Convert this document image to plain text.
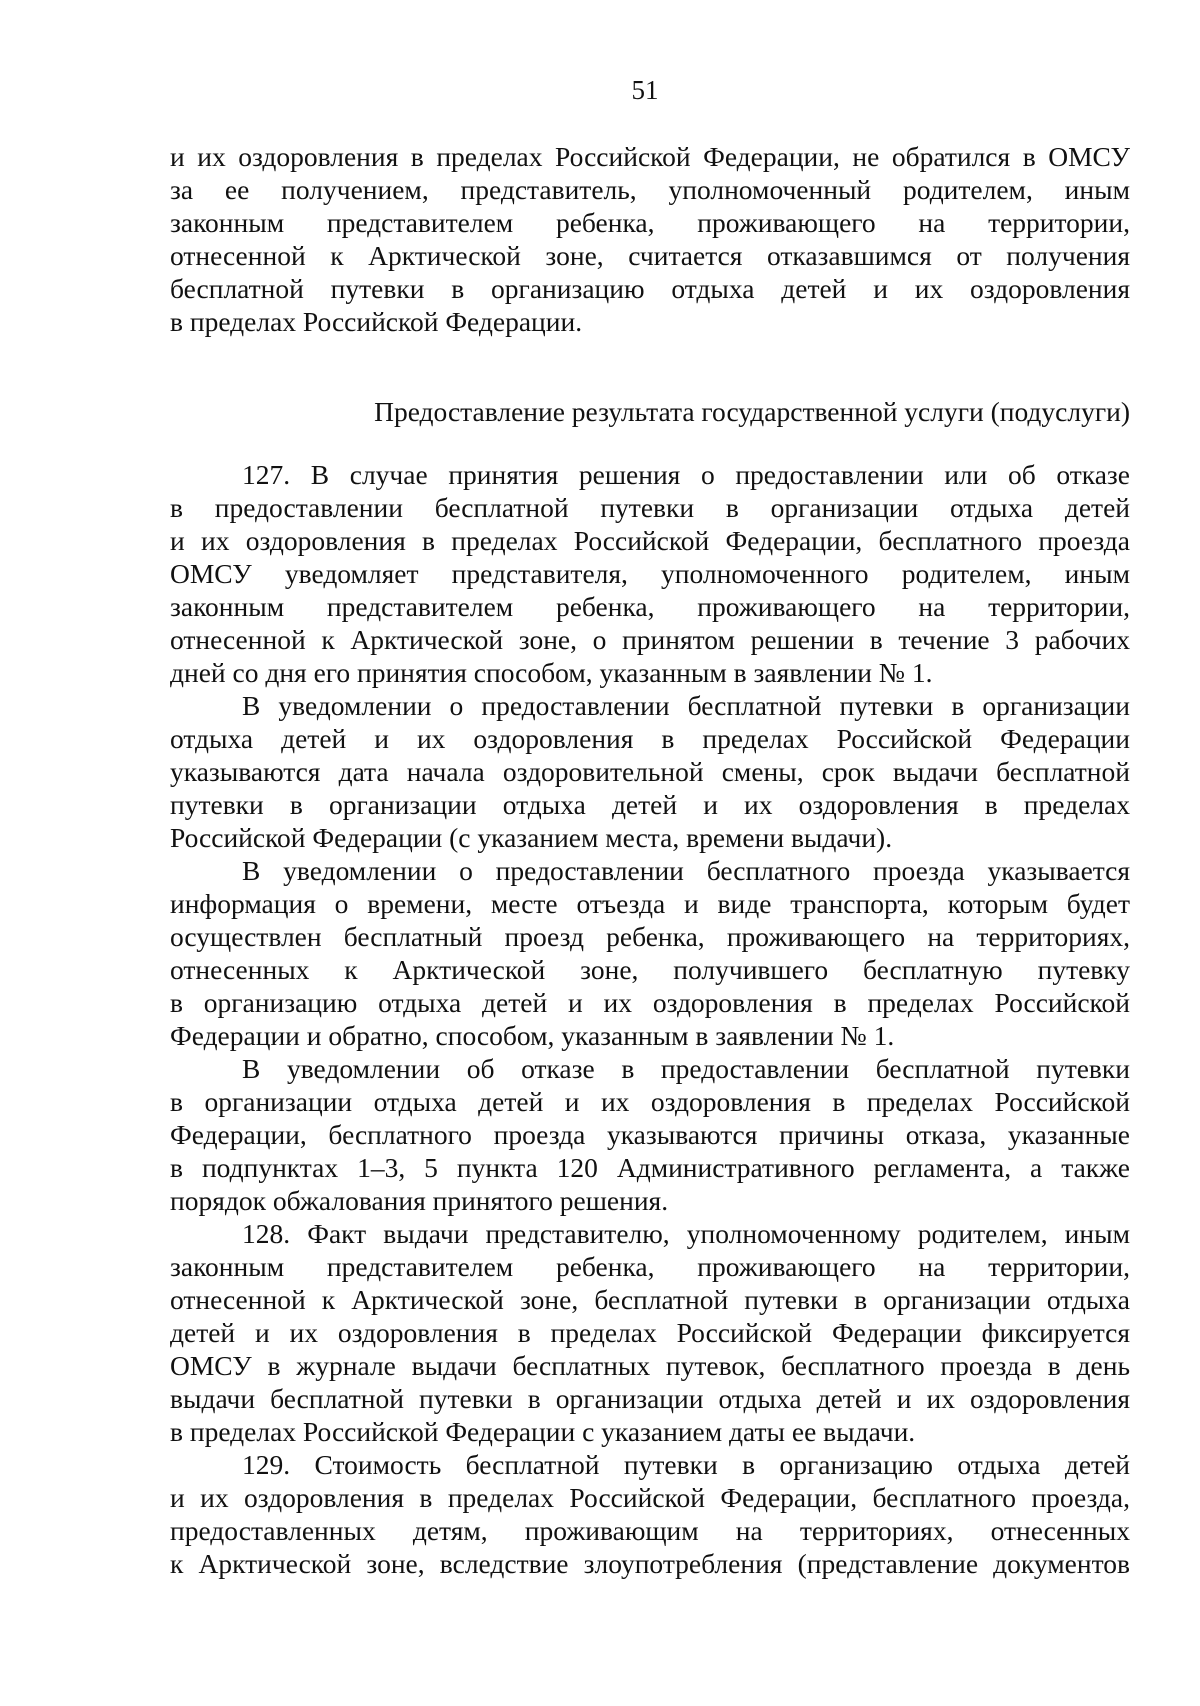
51
и их оздоровления в пределах Российской Федерации, не обратился в ОМСУ
за ее получением, представитель, уполномоченный родителем, иным
законным представителем ребенка, проживающего на территории,
отнесенной к Арктической зоне, считается отказавшимся от получения
бесплатной путевки в организацию отдыха детей и их оздоровления
в пределах Российской Федерации.
Предоставление результата государственной услуги (подуслуги)
127. В случае принятия решения о предоставлении или об отказе
в предоставлении бесплатной путевки в организации отдыха детей
и их оздоровления в пределах Российской Федерации, бесплатного проезда
ОМСУ уведомляет представителя, уполномоченного родителем, иным
законным представителем ребенка, проживающего на территории,
отнесенной к Арктической зоне, о принятом решении в течение 3 рабочих
дней со дня его принятия способом, указанным в заявлении № 1.
В уведомлении о предоставлении бесплатной путевки в организации
отдыха детей и их оздоровления в пределах Российской Федерации
указываются дата начала оздоровительной смены, срок выдачи бесплатной
путевки в организации отдыха детей и их оздоровления в пределах
Российской Федерации (с указанием места, времени выдачи).
В уведомлении о предоставлении бесплатного проезда указывается
информация о времени, месте отъезда и виде транспорта, которым будет
осуществлен бесплатный проезд ребенка, проживающего на территориях,
отнесенных к Арктической зоне, получившего бесплатную путевку
в организацию отдыха детей и их оздоровления в пределах Российской
Федерации и обратно, способом, указанным в заявлении № 1.
В уведомлении об отказе в предоставлении бесплатной путевки
в организации отдыха детей и их оздоровления в пределах Российской
Федерации, бесплатного проезда указываются причины отказа, указанные
в подпунктах 1–3, 5 пункта 120 Административного регламента, а также
порядок обжалования принятого решения.
128. Факт выдачи представителю, уполномоченному родителем, иным
законным представителем ребенка, проживающего на территории,
отнесенной к Арктической зоне, бесплатной путевки в организации отдыха
детей и их оздоровления в пределах Российской Федерации фиксируется
ОМСУ в журнале выдачи бесплатных путевок, бесплатного проезда в день
выдачи бесплатной путевки в организации отдыха детей и их оздоровления
в пределах Российской Федерации с указанием даты ее выдачи.
129. Стоимость бесплатной путевки в организацию отдыха детей
и их оздоровления в пределах Российской Федерации, бесплатного проезда,
предоставленных детям, проживающим на территориях, отнесенных
к Арктической зоне, вследствие злоупотребления (представление документов
